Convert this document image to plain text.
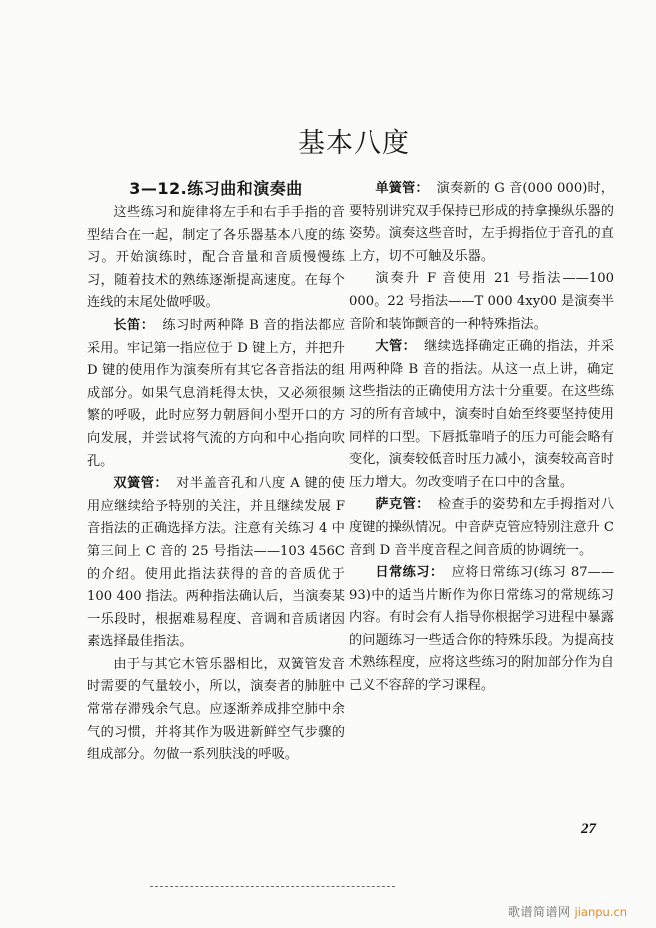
基本八度
3—12.练习曲和演奏曲

这些练习和旋律将左手和右手手指的音型结合在一起，制定了各乐器基本八度的练习。开始演练时，配合音量和音质慢慢练习，随着技术的熟练逐渐提高速度。在每个连线的末尾处做呼吸。

长笛： 练习时两种降 B 音的指法都应采用。牢记第一指应位于 D 键上方，并把升 D 键的使用作为演奏所有其它各音指法的组成部分。如果气息消耗得太快，又必须很频繁的呼吸，此时应努力朝唇间小型开口的方向发展，并尝试将气流的方向和中心指向吹孔。

双簧管： 对半盖音孔和八度 A 键的使用应继续给予特别的关注，并且继续发展 F 音指法的正确选择方法。注意有关练习 4 中第三间上 C 音的 25 号指法——103 456C 的介绍。使用此指法获得的音的音质优于 100 400 指法。两种指法确认后，当演奏某一乐段时，根据难易程度、音调和音质诸因素选择最佳指法。

由于与其它木管乐器相比，双簧管发音时需要的气量较小，所以，演奏者的肺脏中常常存滞残余气息。应逐渐养成排空肺中余气的习惯，并将其作为吸进新鲜空气步骤的组成部分。勿做一系列肤浅的呼吸。

单簧管： 演奏新的 G 音(000 000)时，要特别讲究双手保持已形成的持拿操纵乐器的姿势。演奏这些音时，左手拇指位于音孔的直上方，切不可触及乐器。

演奏升 F 音使用 21 号指法——100 000。22 号指法——T 000 4xy00 是演奏半音阶和装饰颤音的一种特殊指法。

大管： 继续选择确定正确的指法，并采用两种降 B 音的指法。从这一点上讲，确定这些指法的正确使用方法十分重要。在这些练习的所有音域中，演奏时自始至终要坚持使用同样的口型。下唇抵靠哨子的压力可能会略有变化，演奏较低音时压力减小，演奏较高音时压力增大。勿改变哨子在口中的含量。

萨克管： 检查手的姿势和左手拇指对八度键的操纵情况。中音萨克管应特别注意升 C 音到 D 音半度音程之间音质的协调统一。

日常练习： 应将日常练习(练习 87——93)中的适当片断作为你日常练习的常规练习内容。有时会有人指导你根据学习进程中暴露的问题练习一些适合你的特殊乐段。为提高技术熟练程度，应将这些练习的附加部分作为自己义不容辞的学习课程。

27
歌谱简谱网 jianpu.cn
